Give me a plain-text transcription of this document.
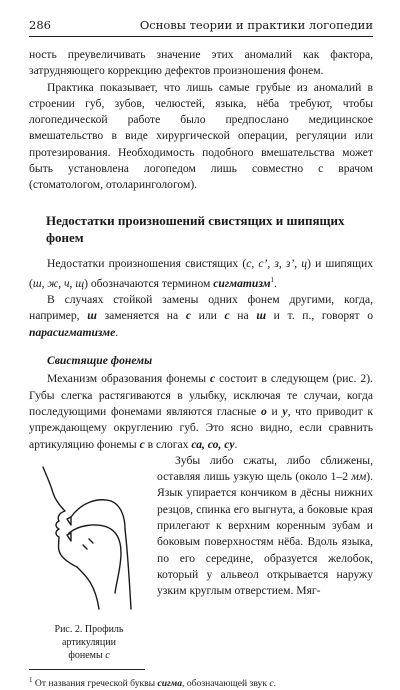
286	Основы теории и практики логопедии

ность преувеличивать значение этих аномалий как фактора, затрудняющего коррекцию дефектов произношения фонем.

Практика показывает, что лишь самые грубые из аномалий в строении губ, зубов, челюстей, языка, нёба требуют, чтобы логопедической работе было предпослано медицинское вмешательство в виде хирургической операции, регуляции или протезирования. Необходимость подобного вмешательства может быть установлена логопедом лишь совместно с врачом (стоматологом, отоларингологом).

Недостатки произношений свистящих и шипящих фонем

Недостатки произношения свистящих (с, с’, з, з’, ц) и шипящих (ш, ж, ч, щ) обозначаются термином сигматизм$^1$.

В случаях стойкой замены одних фонем другими, когда, например, ш заменяется на с или с на ш и т. п., говорят о парасигматизме.

Свистящие фонемы

Механизм образования фонемы с состоит в следующем (рис. 2). Губы слегка растягиваются в улыбку, исключая те случаи, когда последующими фонемами являются гласные о и у, что приводит к упреждающему округлению губ. Это ясно видно, если сравнить артикуляцию фонемы с в слогах са, со, су.

Рис. 2. Профиль артикуляции
фонемы с

Зубы либо сжаты, либо сближены, оставляя лишь узкую щель (около 1–2 мм). Язык упирается кончиком в дёсны нижних резцов, спинка его выгнута, а боковые края прилегают к верхним коренным зубам и боковым поверхностям нёба. Вдоль языка, по его середине, образуется желобок, который у альвеол открывается наружу узким круглым отверстием. Мяг-

$^1$ От названия греческой буквы сигма, обозначающей звук с.
